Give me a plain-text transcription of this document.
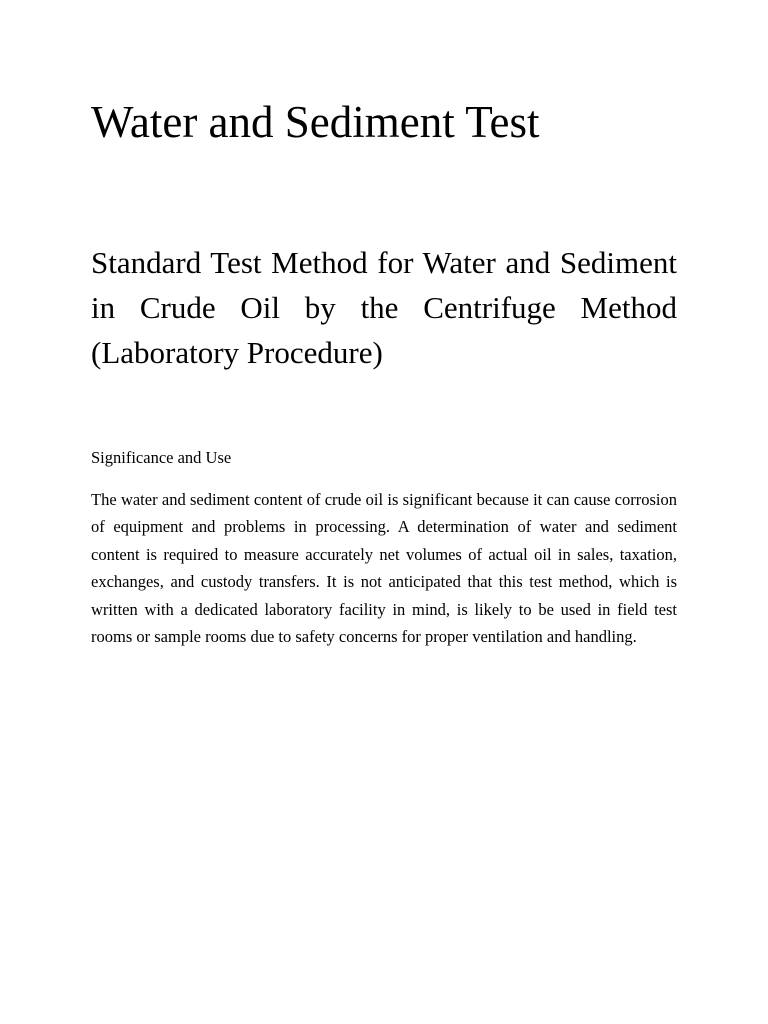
Water and Sediment Test
Standard Test Method for Water and Sediment in Crude Oil by the Centrifuge Method (Laboratory Procedure)
Significance and Use

The water and sediment content of crude oil is significant because it can cause corrosion of equipment and problems in processing. A determination of water and sediment content is required to measure accurately net volumes of actual oil in sales, taxation, exchanges, and custody transfers. It is not anticipated that this test method, which is written with a dedicated laboratory facility in mind, is likely to be used in field test rooms or sample rooms due to safety concerns for proper ventilation and handling.
